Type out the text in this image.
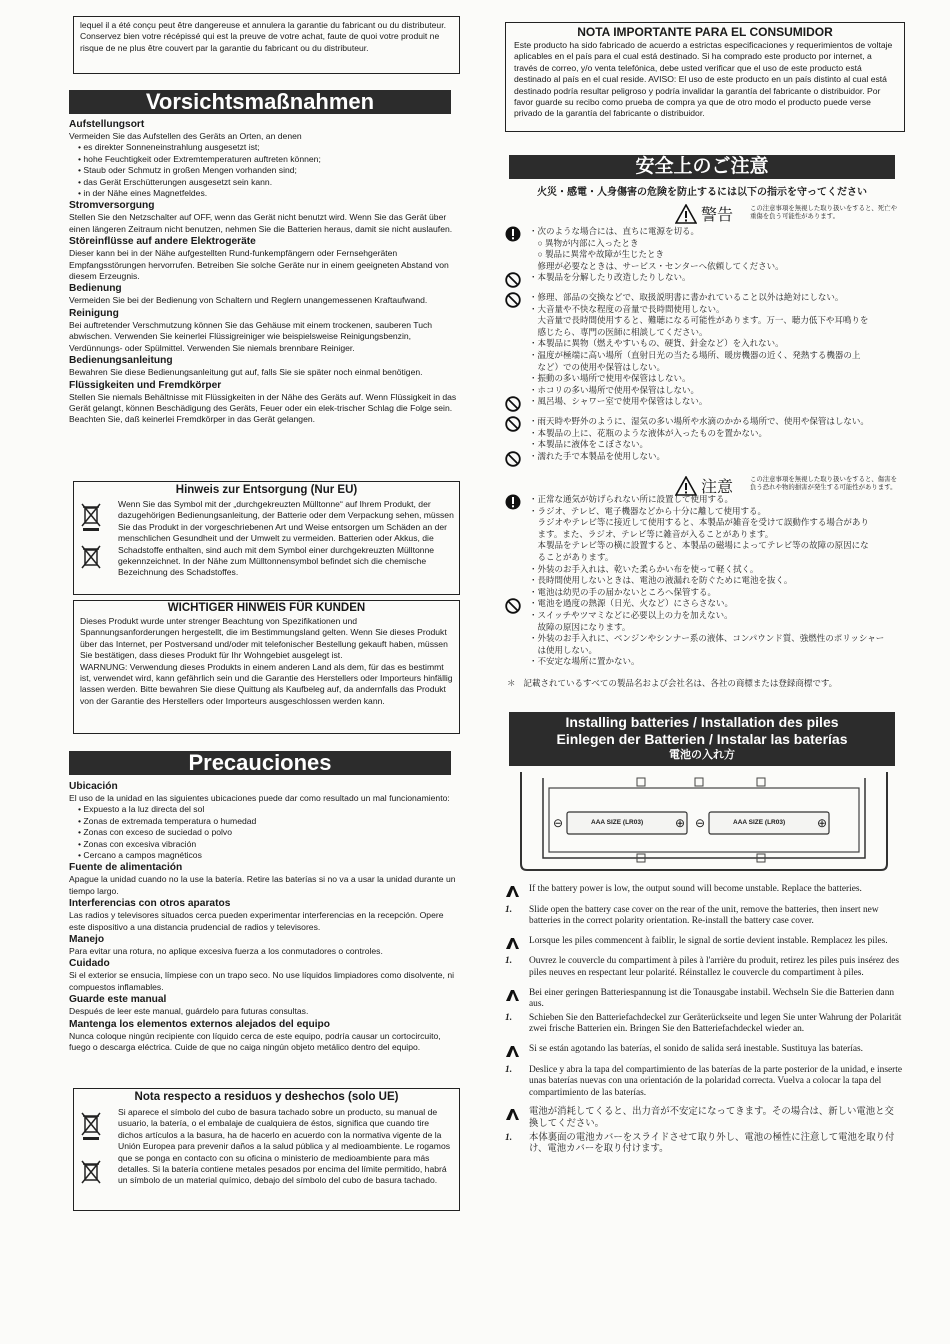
lequel il a été conçu peut être dangereuse et annulera la garantie du fabricant ou du distributeur. Conservez bien votre récépissé qui est la preuve de votre achat, faute de quoi votre produit ne risque de ne plus être couvert par la garantie du fabricant ou du distributeur.
Vorsichtsmaßnahmen
Aufstellungsort
Vermeiden Sie das Aufstellen des Geräts an Orten, an denen
• es direkter Sonneneinstrahlung ausgesetzt ist;
• hohe Feuchtigkeit oder Extremtemperaturen auftreten können;
• Staub oder Schmutz in großen Mengen vorhanden sind;
• das Gerät Erschütterungen ausgesetzt sein kann.
• in der Nähe eines Magnetfeldes.
Stromversorgung
Stellen Sie den Netzschalter auf OFF, wenn das Gerät nicht benutzt wird. Wenn Sie das Gerät über einen längeren Zeitraum nicht benutzen, nehmen Sie die Batterien heraus, damit sie nicht auslaufen.
Störeinflüsse auf andere Elektrogeräte
Dieser kann bei in der Nähe aufgestellten Rund-funkempfängern oder Fernsehgeräten Empfangsstörungen hervorrufen. Betreiben Sie solche Geräte nur in einem geeigneten Abstand von diesem Erzeugnis.
Bedienung
Vermeiden Sie bei der Bedienung von Schaltern und Reglern unangemessenen Kraftaufwand.
Reinigung
Bei auftretender Verschmutzung können Sie das Gehäuse mit einem trockenen, sauberen Tuch abwischen. Verwenden Sie keinerlei Flüssigreiniger wie beispielsweise Reinigungsbenzin, Verdünnungs- oder Spülmittel. Verwenden Sie niemals brennbare Reiniger.
Bedienungsanleitung
Bewahren Sie diese Bedienungsanleitung gut auf, falls Sie sie später noch einmal benötigen.
Flüssigkeiten und Fremdkörper
Stellen Sie niemals Behältnisse mit Flüssigkeiten in der Nähe des Geräts auf. Wenn Flüssigkeit in das Gerät gelangt, können Beschädigung des Geräts, Feuer oder ein elek-trischer Schlag die Folge sein. Beachten Sie, daß keinerlei Fremdkörper in das Gerät gelangen.
Hinweis zur Entsorgung (Nur EU)
Wenn Sie das Symbol mit der „durchgekreuzten Mülltonne“ auf Ihrem Produkt, der dazugehörigen Bedienungsanleitung, der Batterie oder dem Verpackung sehen, müssen Sie das Produkt in der vorgeschriebenen Art und Weise entsorgen um Schäden an der menschlichen Gesundheit und der Umwelt zu vermeiden. Batterien oder Akkus, die Schadstoffe enthalten, sind auch mit dem Symbol einer durchgekreuzten Mülltonne gekennzeichnet. In der Nähe zum Mülltonnensymbol befindet sich die chemische Bezeichnung des Schadstoffes.
WICHTIGER HINWEIS FÜR KUNDEN
Dieses Produkt wurde unter strenger Beachtung von Spezifikationen und Spannungsanforderungen hergestellt, die im Bestimmungsland gelten. Wenn Sie dieses Produkt über das Internet, per Postversand und/oder mit telefonischer Bestellung gekauft haben, müssen Sie bestätigen, dass dieses Produkt für Ihr Wohngebiet ausgelegt ist.
WARNUNG: Verwendung dieses Produkts in einem anderen Land als dem, für das es bestimmt ist, verwendet wird, kann gefährlich sein und die Garantie des Herstellers oder Importeurs hinfällig lassen werden. Bitte bewahren Sie diese Quittung als Kaufbeleg auf, da andernfalls das Produkt von der Garantie des Herstellers oder Importeurs ausgeschlossen werden kann.
Precauciones
Ubicación
El uso de la unidad en las siguientes ubicaciones puede dar como resultado un mal funcionamiento:
• Expuesto a la luz directa del sol
• Zonas de extremada temperatura o humedad
• Zonas con exceso de suciedad o polvo
• Zonas con excesiva vibración
• Cercano a campos magnéticos
Fuente de alimentación
Apague la unidad cuando no la use la batería. Retire las baterías si no va a usar la unidad durante un tiempo largo.
Interferencias con otros aparatos
Las radios y televisores situados cerca pueden experimentar interferencias en la recepción. Opere este dispositivo a una distancia prudencial de radios y televisores.
Manejo
Para evitar una rotura, no aplique excesiva fuerza a los conmutadores o controles.
Cuidado
Si el exterior se ensucia, límpiese con un trapo seco. No use líquidos limpiadores como disolvente, ni compuestos inflamables.
Guarde este manual
Después de leer este manual, guárdelo para futuras consultas.
Mantenga los elementos externos alejados del equipo
Nunca coloque ningún recipiente con líquido cerca de este equipo, podría causar un cortocircuito, fuego o descarga eléctrica. Cuide de que no caiga ningún objeto metálico dentro del equipo.
Nota respecto a residuos y deshechos (solo UE)
Si aparece el símbolo del cubo de basura tachado sobre un producto, su manual de usuario, la batería, o el embalaje de cualquiera de éstos, significa que cuando tire dichos artículos a la basura, ha de hacerlo en acuerdo con la normativa vigente de la Unión Europea para prevenir daños a la salud pública y al medioambiente. Le rogamos que se ponga en contacto con su oficina o ministerio de medioambiente para más detalles. Si la batería contiene metales pesados por encima del límite permitido, habrá un símbolo de un material químico, debajo del símbolo del cubo de basura tachado.
NOTA IMPORTANTE PARA EL CONSUMIDOR
Este producto ha sido fabricado de acuerdo a estrictas especificaciones y requerimientos de voltaje aplicables en el país para el cual está destinado. Si ha comprado este producto por internet, a través de correo, y/o venta telefónica, debe usted verificar que el uso de este producto está destinado al país en el cual reside. AVISO: El uso de este producto en un país distinto al cual está destinado podría resultar peligroso y podría invalidar la garantía del fabricante o distribuidor. Por favor guarde su recibo como prueba de compra ya que de otro modo el producto puede verse privado de la garantía del fabricante o distribuidor.
安全上のご注意
火災・感電・人身傷害の危険を防止するには以下の指示を守ってください
警告	この注意事項を無視した取り扱いをすると、死亡や重傷を負う可能性があります。
・次のような場合には、直ちに電源を切る。
　○ 異物が内部に入ったとき
　○ 製品に異常や故障が生じたとき
　修理が必要なときは、サービス・センターへ依頼してください。
・本製品を分解したり改造したりしない。
・修理、部品の交換などで、取扱説明書に書かれていること以外は絶対にしない。
・大音量や不快な程度の音量で長時間使用しない。
　大音量で長時間使用すると、難聴になる可能性があります。万一、聴力低下や耳鳴りを
　感じたら、専門の医師に相談してください。
・本製品に異物（燃えやすいもの、硬貨、針金など）を入れない。
・温度が極端に高い場所（直射日光の当たる場所、暖房機器の近く、発熱する機器の上
　など）での使用や保管はしない。
・振動の多い場所で使用や保管はしない。
・ホコリの多い場所で使用や保管はしない。
・風呂場、シャワー室で使用や保管はしない。
・雨天時や野外のように、湿気の多い場所や水滴のかかる場所で、使用や保管はしない。
・本製品の上に、花瓶のような液体が入ったものを置かない。
・本製品に液体をこぼさない。
・濡れた手で本製品を使用しない。
注意	この注意事項を無視した取り扱いをすると、傷害を負う恐れや物的損害が発生する可能性があります。
・正常な通気が妨げられない所に設置して使用する。
・ラジオ、テレビ、電子機器などから十分に離して使用する。
　ラジオやテレビ等に接近して使用すると、本製品が雑音を受けて誤動作する場合があり
　ます。また、ラジオ、テレビ等に雑音が入ることがあります。
　本製品をテレビ等の横に設置すると、本製品の磁場によってテレビ等の故障の原因にな
　ることがあります。
・外装のお手入れは、乾いた柔らかい布を使って軽く拭く。
・長時間使用しないときは、電池の液漏れを防ぐために電池を抜く。
・電池は幼児の手の届かないところへ保管する。
・電池を過度の熱源（日光、火など）にさらさない。
・スイッチやツマミなどに必要以上の力を加えない。
　故障の原因になります。
・外装のお手入れに、ベンジンやシンナー系の液体、コンパウンド質、強燃性のポリッシャー
　は使用しない。
・不安定な場所に置かない。
＊ 記載されているすべての製品名および会社名は、各社の商標または登録商標です。
Installing batteries / Installation des piles
Einlegen der Batterien / Instalar las baterías
電池の入れ方
⊖	AAA SIZE (LR03)	⊕ ⊖	AAA SIZE (LR03)	⊕
If the battery power is low, the output sound will become unstable. Replace the batteries.
1.	Slide open the battery case cover on the rear of the unit, remove the batteries, then insert new batteries in the correct polarity orientation. Re-install the battery case cover.
Lorsque les piles commencent à faiblir, le signal de sortie devient instable. Remplacez les piles.
1.	Ouvrez le couvercle du compartiment à piles à l'arrière du produit, retirez les piles puis insérez des piles neuves en respectant leur polarité. Réinstallez le couvercle du compartiment à piles.
Bei einer geringen Batteriespannung ist die Tonausgabe instabil. Wechseln Sie die Batterien dann aus.
1.	Schieben Sie den Batteriefachdeckel zur Geräterückseite und legen Sie unter Wahrung der Polarität zwei frische Batterien ein. Bringen Sie den Batteriefachdeckel wieder an.
Si se están agotando las baterías, el sonido de salida será inestable. Sustituya las baterías.
1.	Deslice y abra la tapa del compartimiento de las baterías de la parte posterior de la unidad, e inserte unas baterías nuevas con una orientación de la polaridad correcta. Vuelva a colocar la tapa del compartimiento de las baterías.
電池が消耗してくると、出力音が不安定になってきます。その場合は、新しい電池と交換してください。
1.	本体裏面の電池カバーをスライドさせて取り外し、電池の極性に注意して電池を取り付け、電池カバーを取り付けます。
